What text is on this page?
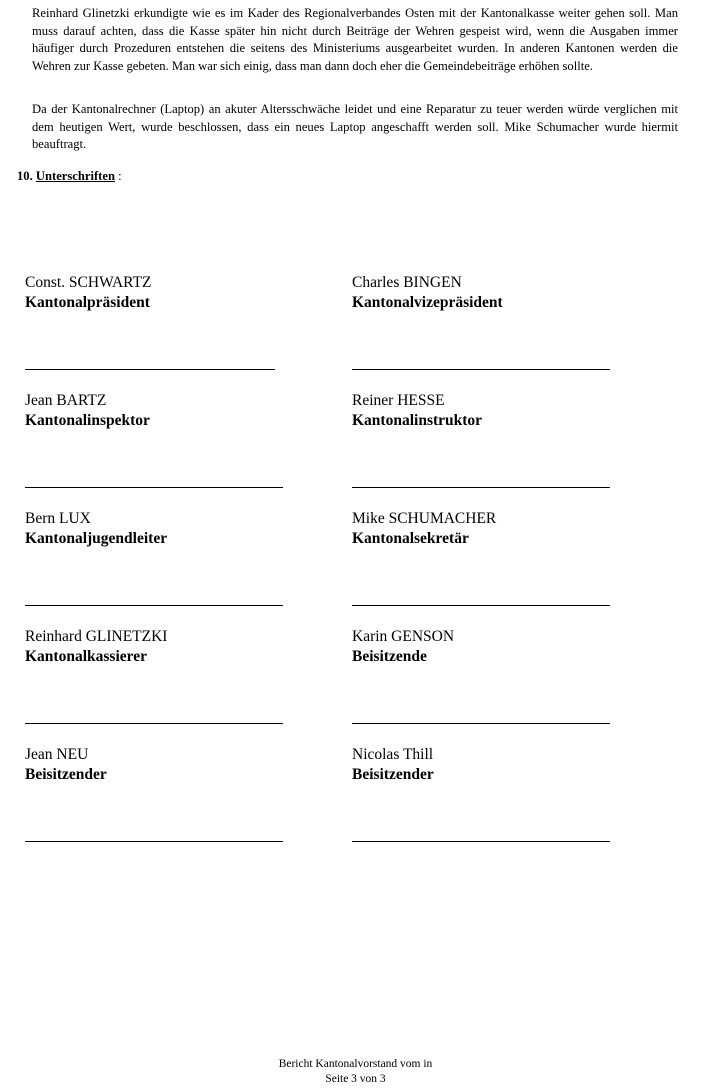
Reinhard Glinetzki erkundigte wie es im Kader des Regionalverbandes Osten mit der Kantonalkasse weiter gehen soll. Man muss darauf achten, dass die Kasse später hin nicht durch Beiträge der Wehren gespeist wird, wenn die Ausgaben immer häufiger durch Prozeduren entstehen die seitens des Ministeriums ausgearbeitet wurden. In anderen Kantonen werden die Wehren zur Kasse gebeten. Man war sich einig, dass man dann doch eher die Gemeindebeiträge erhöhen sollte.

Da der Kantonalrechner (Laptop) an akuter Altersschwäche leidet und eine Reparatur zu teuer werden würde verglichen mit dem heutigen Wert, wurde beschlossen, dass ein neues Laptop angeschafft werden soll. Mike Schumacher wurde hiermit beauftragt.

10. Unterschriften :
Const. SCHWARTZ
Kantonalpräsident
Charles BINGEN
Kantonalvizepräsident
Jean BARTZ
Kantonalinspektor
Reiner HESSE
Kantonalinstruktor
Bern LUX
Kantonaljugendleiter
Mike SCHUMACHER
Kantonalsekretär
Reinhard GLINETZKI
Kantonalkassierer
Karin GENSON
Beisitzende
Jean NEU
Beisitzender
Nicolas Thill
Beisitzender
Bericht Kantonalvorstand vom in
Seite 3 von 3
